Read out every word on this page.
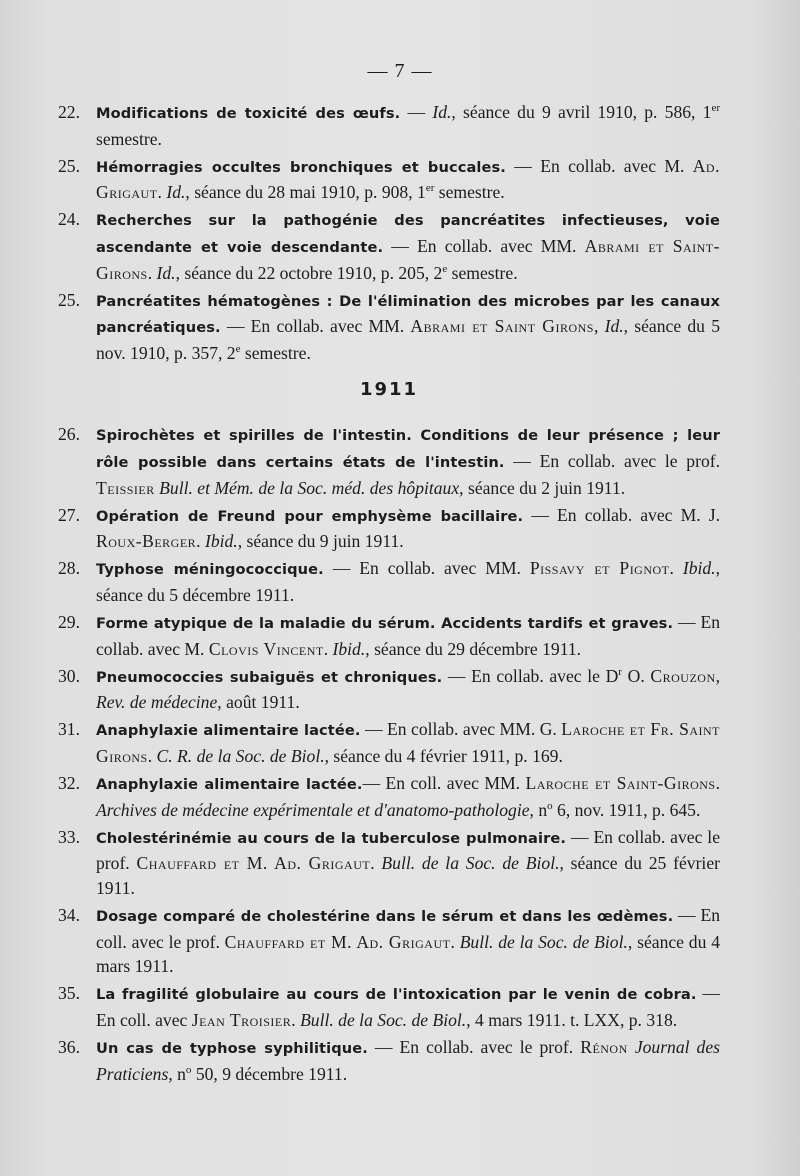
— 7 —
22.	Modifications de toxicité des œufs. — Id., séance du 9 avril 1910, p. 586, 1er semestre.
25.	Hémorragies occultes bronchiques et buccales. — En collab. avec M. Ad. Grigaut. Id., séance du 28 mai 1910, p. 908, 1er semestre.
24.	Recherches sur la pathogénie des pancréatites infectieuses, voie ascendante et voie descendante. — En collab. avec MM. Abrami et Saint-Girons. Id., séance du 22 octobre 1910, p. 205, 2e semestre.
25.	Pancréatites hématogènes : De l'élimination des microbes par les canaux pancréatiques. — En collab. avec MM. Abrami et Saint Girons, Id., séance du 5 nov. 1910, p. 357, 2e semestre.
1911
26.	Spirochètes et spirilles de l'intestin. Conditions de leur présence ; leur rôle possible dans certains états de l'intestin. — En collab. avec le prof. Teissier Bull. et Mém. de la Soc. méd. des hôpitaux, séance du 2 juin 1911.
27.	Opération de Freund pour emphysème bacillaire. — En collab. avec M. J. Roux-Berger. Ibid., séance du 9 juin 1911.
28.	Typhose méningococcique. — En collab. avec MM. Pissavy et Pignot. Ibid., séance du 5 décembre 1911.
29.	Forme atypique de la maladie du sérum. Accidents tardifs et graves. — En collab. avec M. Clovis Vincent. Ibid., séance du 29 décembre 1911.
30.	Pneumococcies subaiguës et chroniques. — En collab. avec le $D^r$ O. Crouzon, Rev. de médecine, août 1911.
31.	Anaphylaxie alimentaire lactée. — En collab. avec MM. G. Laroche et Fr. Saint Girons. C. R. de la Soc. de Biol., séance du 4 février 1911, p. 169.
32.	Anaphylaxie alimentaire lactée.— En coll. avec MM. Laroche et Saint-Girons. Archives de médecine expérimentale et d'anatomo-pathologie, $n^o$ 6, nov. 1911, p. 645.
33.	Cholestérinémie au cours de la tuberculose pulmonaire. — En collab. avec le prof. Chauffard et M. Ad. Grigaut. Bull. de la Soc. de Biol., séance du 25 février 1911.
34.	Dosage comparé de cholestérine dans le sérum et dans les œdèmes. — En coll. avec le prof. Chauffard et M. Ad. Grigaut. Bull. de la Soc. de Biol., séance du 4 mars 1911.
35.	La fragilité globulaire au cours de l'intoxication par le venin de cobra. — En coll. avec Jean Troisier. Bull. de la Soc. de Biol., 4 mars 1911. t. LXX, p. 318.
36.	Un cas de typhose syphilitique. — En collab. avec le prof. Rénon Journal des Praticiens, $n^o$ 50, 9 décembre 1911.
